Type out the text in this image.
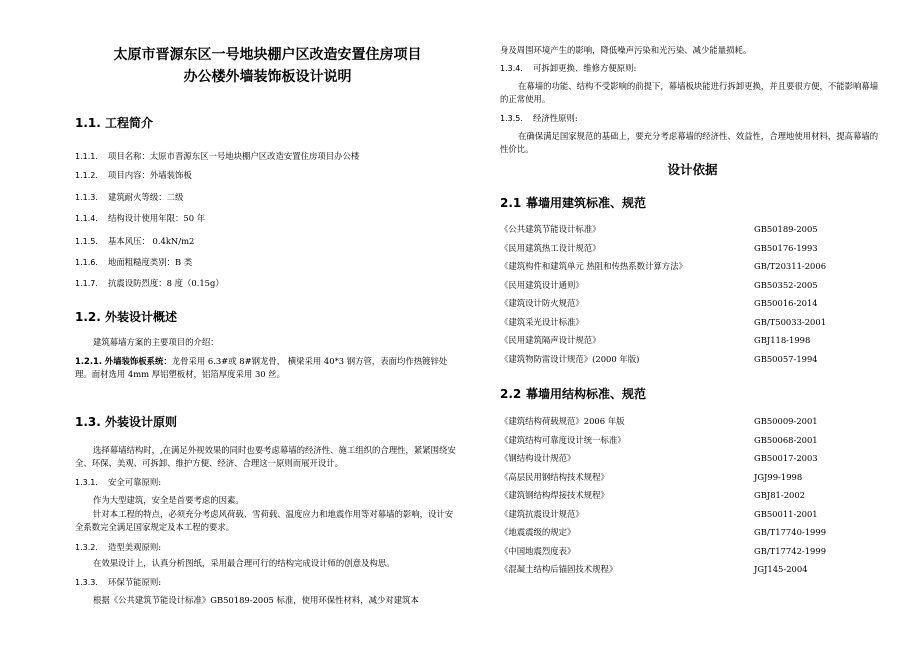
太原市晋源东区一号地块棚户区改造安置住房项目
办公楼外墙装饰板设计说明
1.1. 工程简介
1.1.1. 项目名称：太原市晋源东区一号地块棚户区改造安置住房项目办公楼
1.1.2. 项目内容：外墙装饰板
1.1.3. 建筑耐火等级：二级
1.1.4. 结构设计使用年限：50 年
1.1.5. 基本风压： 0.4kN/m2
1.1.6. 地面粗糙度类别：B 类
1.1.7. 抗震设防烈度：8 度（0.15g）
1.2. 外装设计概述
建筑幕墙方案的主要项目的介绍：
1.2.1. 外墙装饰板系统：龙骨采用 6.3#或 8#钢龙骨， 横梁采用 40*3 钢方管，表面均作热镀锌处理。面材选用 4mm 厚铝塑板材，铝箔厚度采用 30 丝。
1.3. 外装设计原则
选择幕墙结构时，,在满足外视效果的同时也要考虑幕墙的经济性、施工组织的合理性，紧紧围绕安全、环保、美观、可拆卸、维护方便、经济、合理这一原则而展开设计。
1.3.1. 安全可靠原则:
作为大型建筑，安全是首要考虑的因素。
针对本工程的特点，必须充分考虑风荷载、雪荷载、温度应力和地震作用等对幕墙的影响，设计安全系数完全满足国家规定及本工程的要求。
1.3.2. 造型美观原则:
在效果设计上，认真分析图纸，采用最合理可行的结构完成设计师的创意及构思。
1.3.3. 环保节能原则:
根据《公共建筑节能设计标准》GB50189-2005 标准，使用环保性材料，减少对建筑本
身及周围环境产生的影响，降低噪声污染和光污染、减少能量损耗。
1.3.4. 可拆卸更换、维修方便原则:
在幕墙的功能、结构不受影响的前提下，幕墙板块能进行拆卸更换，并且要很方便，不能影响幕墙的正常使用。
1.3.5. 经济性原则:
在确保满足国家规范的基础上，要充分考虑幕墙的经济性、效益性，合理地使用材料，提高幕墙的性价比。
设计依据
2.1 幕墙用建筑标准、规范
《公共建筑节能设计标准》	GB50189-2005
《民用建筑热工设计规范》	GB50176-1993
《建筑构件和建筑单元 热阻和传热系数计算方法》	GB/T20311-2006
《民用建筑设计通则》	GB50352-2005
《建筑设计防火规范》	GB50016-2014
《建筑采光设计标准》	GB/T50033-2001
《民用建筑隔声设计规范》	GBJ118-1998
《建筑物防雷设计规范》(2000 年版)	GB50057-1994
2.2 幕墙用结构标准、规范
《建筑结构荷载规范》2006 年版	GB50009-2001
《建筑结构可靠度设计统一标准》	GB50068-2001
《钢结构设计规范》	GB50017-2003
《高层民用钢结构技术规程》	JGJ99-1998
《建筑钢结构焊接技术规程》	GBJ81-2002
《建筑抗震设计规范》	GB50011-2001
《地震震级的规定》	GB/T17740-1999
《中国地震烈度表》	GB/T17742-1999
《混凝土结构后锚固技术规程》	JGJ145-2004
